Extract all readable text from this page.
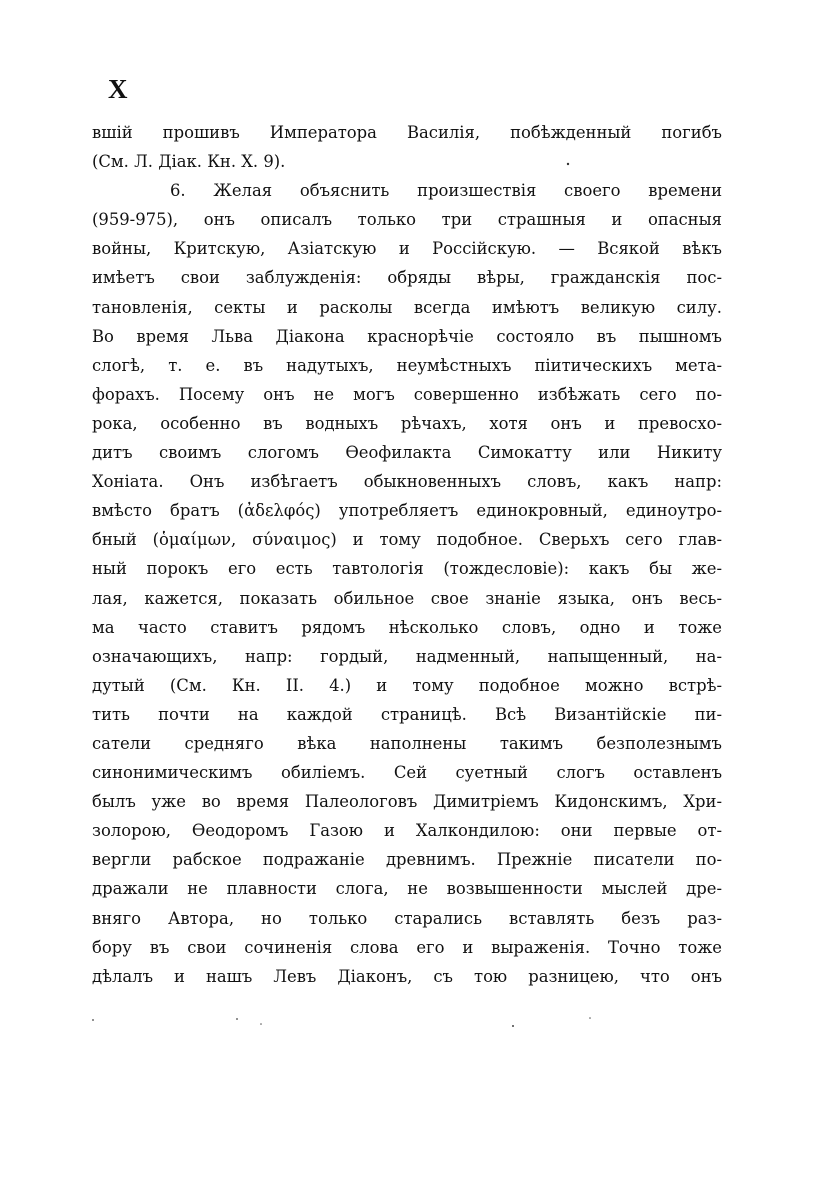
X
вшій прошивъ Императора Василія, побѣжденный погибъ
(См. Л. Діак. Кн. X. 9).
6. Желая объяснить произшествія своего времени
(959-975), онъ описалъ только три страшныя и опасныя
войны, Критскую, Азіатскую и Россійскую. — Всякой вѣкъ
имѣетъ свои заблужденія: обряды вѣры, гражданскія пос-
тановленія, секты и расколы всегда имѣютъ великую силу.
Во время Льва Діакона краснорѣчіе состояло въ пышномъ
слогѣ, т. е. въ надутыхъ, неумѣстныхъ піитическихъ мета-
форахъ. Посему онъ не могъ совершенно избѣжать сего по-
рока, особенно въ водныхъ рѣчахъ, хотя онъ и превосхо-
дитъ своимъ слогомъ Ѳеофилакта Симокатту или Никиту
Хоніата. Онъ избѣгаетъ обыкновенныхъ словъ, какъ напр:
вмѣсто братъ (ἀδελφός) употребляетъ единокровный, единоутро-
бный (ὁμαίμων, σύναιμος) и тому подобное. Сверьхъ сего глав-
ный порокъ его есть тавтологія (тождесловіе): какъ бы же-
лая, кажется, показать обильное свое знаніе языка, онъ весь-
ма часто ставитъ рядомъ нѣсколько словъ, одно и тоже
означающихъ, напр: гордый, надменный, напыщенный, на-
дутый (См. Кн. II. 4.) и тому подобное можно встрѣ-
тить почти на каждой страницѣ. Всѣ Византійскіе пи-
сатели средняго вѣка наполнены такимъ безполезнымъ
синонимическимъ обиліемъ. Сей суетный слогъ оставленъ
былъ уже во время Палеологовъ Димитріемъ Кидонскимъ, Хри-
золорою, Ѳеодоромъ Газою и Халкондилою: они первые от-
вергли рабское подражаніе древнимъ. Прежніе писатели по-
дражали не плавности слога, не возвышенности мыслей дре-
вняго Автора, но только старались вставлять безъ раз-
бору въ свои сочиненія слова его и выраженія. Точно тоже
дѣлалъ и нашъ Левъ Діаконъ, съ тою разницею, что онъ
